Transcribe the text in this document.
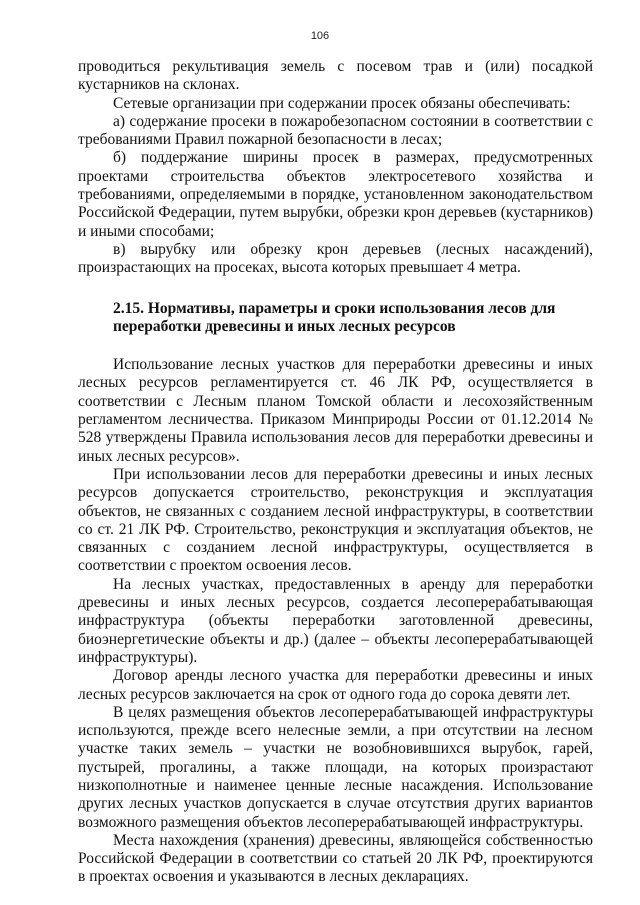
106

проводиться рекультивация земель с посевом трав и (или) посадкой кустарников на склонах.

Сетевые организации при содержании просек обязаны обеспечивать:

а) содержание просеки в пожаробезопасном состоянии в соответствии с требованиями Правил пожарной безопасности в лесах;

б) поддержание ширины просек в размерах, предусмотренных проектами строительства объектов электросетевого хозяйства и требованиями, определяемыми в порядке, установленном законодательством Российской Федерации, путем вырубки, обрезки крон деревьев (кустарников) и иными способами;

в) вырубку или обрезку крон деревьев (лесных насаждений), произрастающих на просеках, высота которых превышает 4 метра.

2.15. Нормативы, параметры и сроки использования лесов для переработки древесины и иных лесных ресурсов

Использование лесных участков для переработки древесины и иных лесных ресурсов регламентируется ст. 46 ЛК РФ, осуществляется в соответствии с Лесным планом Томской области и лесохозяйственным регламентом лесничества. Приказом Минприроды России от 01.12.2014 № 528 утверждены Правила использования лесов для переработки древесины и иных лесных ресурсов».

При использовании лесов для переработки древесины и иных лесных ресурсов допускается строительство, реконструкция и эксплуатация объектов, не связанных с созданием лесной инфраструктуры, в соответствии со ст. 21 ЛК РФ. Строительство, реконструкция и эксплуатация объектов, не связанных с созданием лесной инфраструктуры, осуществляется в соответствии с проектом освоения лесов.

На лесных участках, предоставленных в аренду для переработки древесины и иных лесных ресурсов, создается лесоперерабатывающая инфраструктура (объекты переработки заготовленной древесины, биоэнергетические объекты и др.) (далее – объекты лесоперерабатывающей инфраструктуры).

Договор аренды лесного участка для переработки древесины и иных лесных ресурсов заключается на срок от одного года до сорока девяти лет.

В целях размещения объектов лесоперерабатывающей инфраструктуры используются, прежде всего нелесные земли, а при отсутствии на лесном участке таких земель – участки не возобновившихся вырубок, гарей, пустырей, прогалины, а также площади, на которых произрастают низкополнотные и наименее ценные лесные насаждения. Использование других лесных участков допускается в случае отсутствия других вариантов возможного размещения объектов лесоперерабатывающей инфраструктуры.

Места нахождения (хранения) древесины, являющейся собственностью Российской Федерации в соответствии со статьей 20 ЛК РФ, проектируются в проектах освоения и указываются в лесных декларациях.
